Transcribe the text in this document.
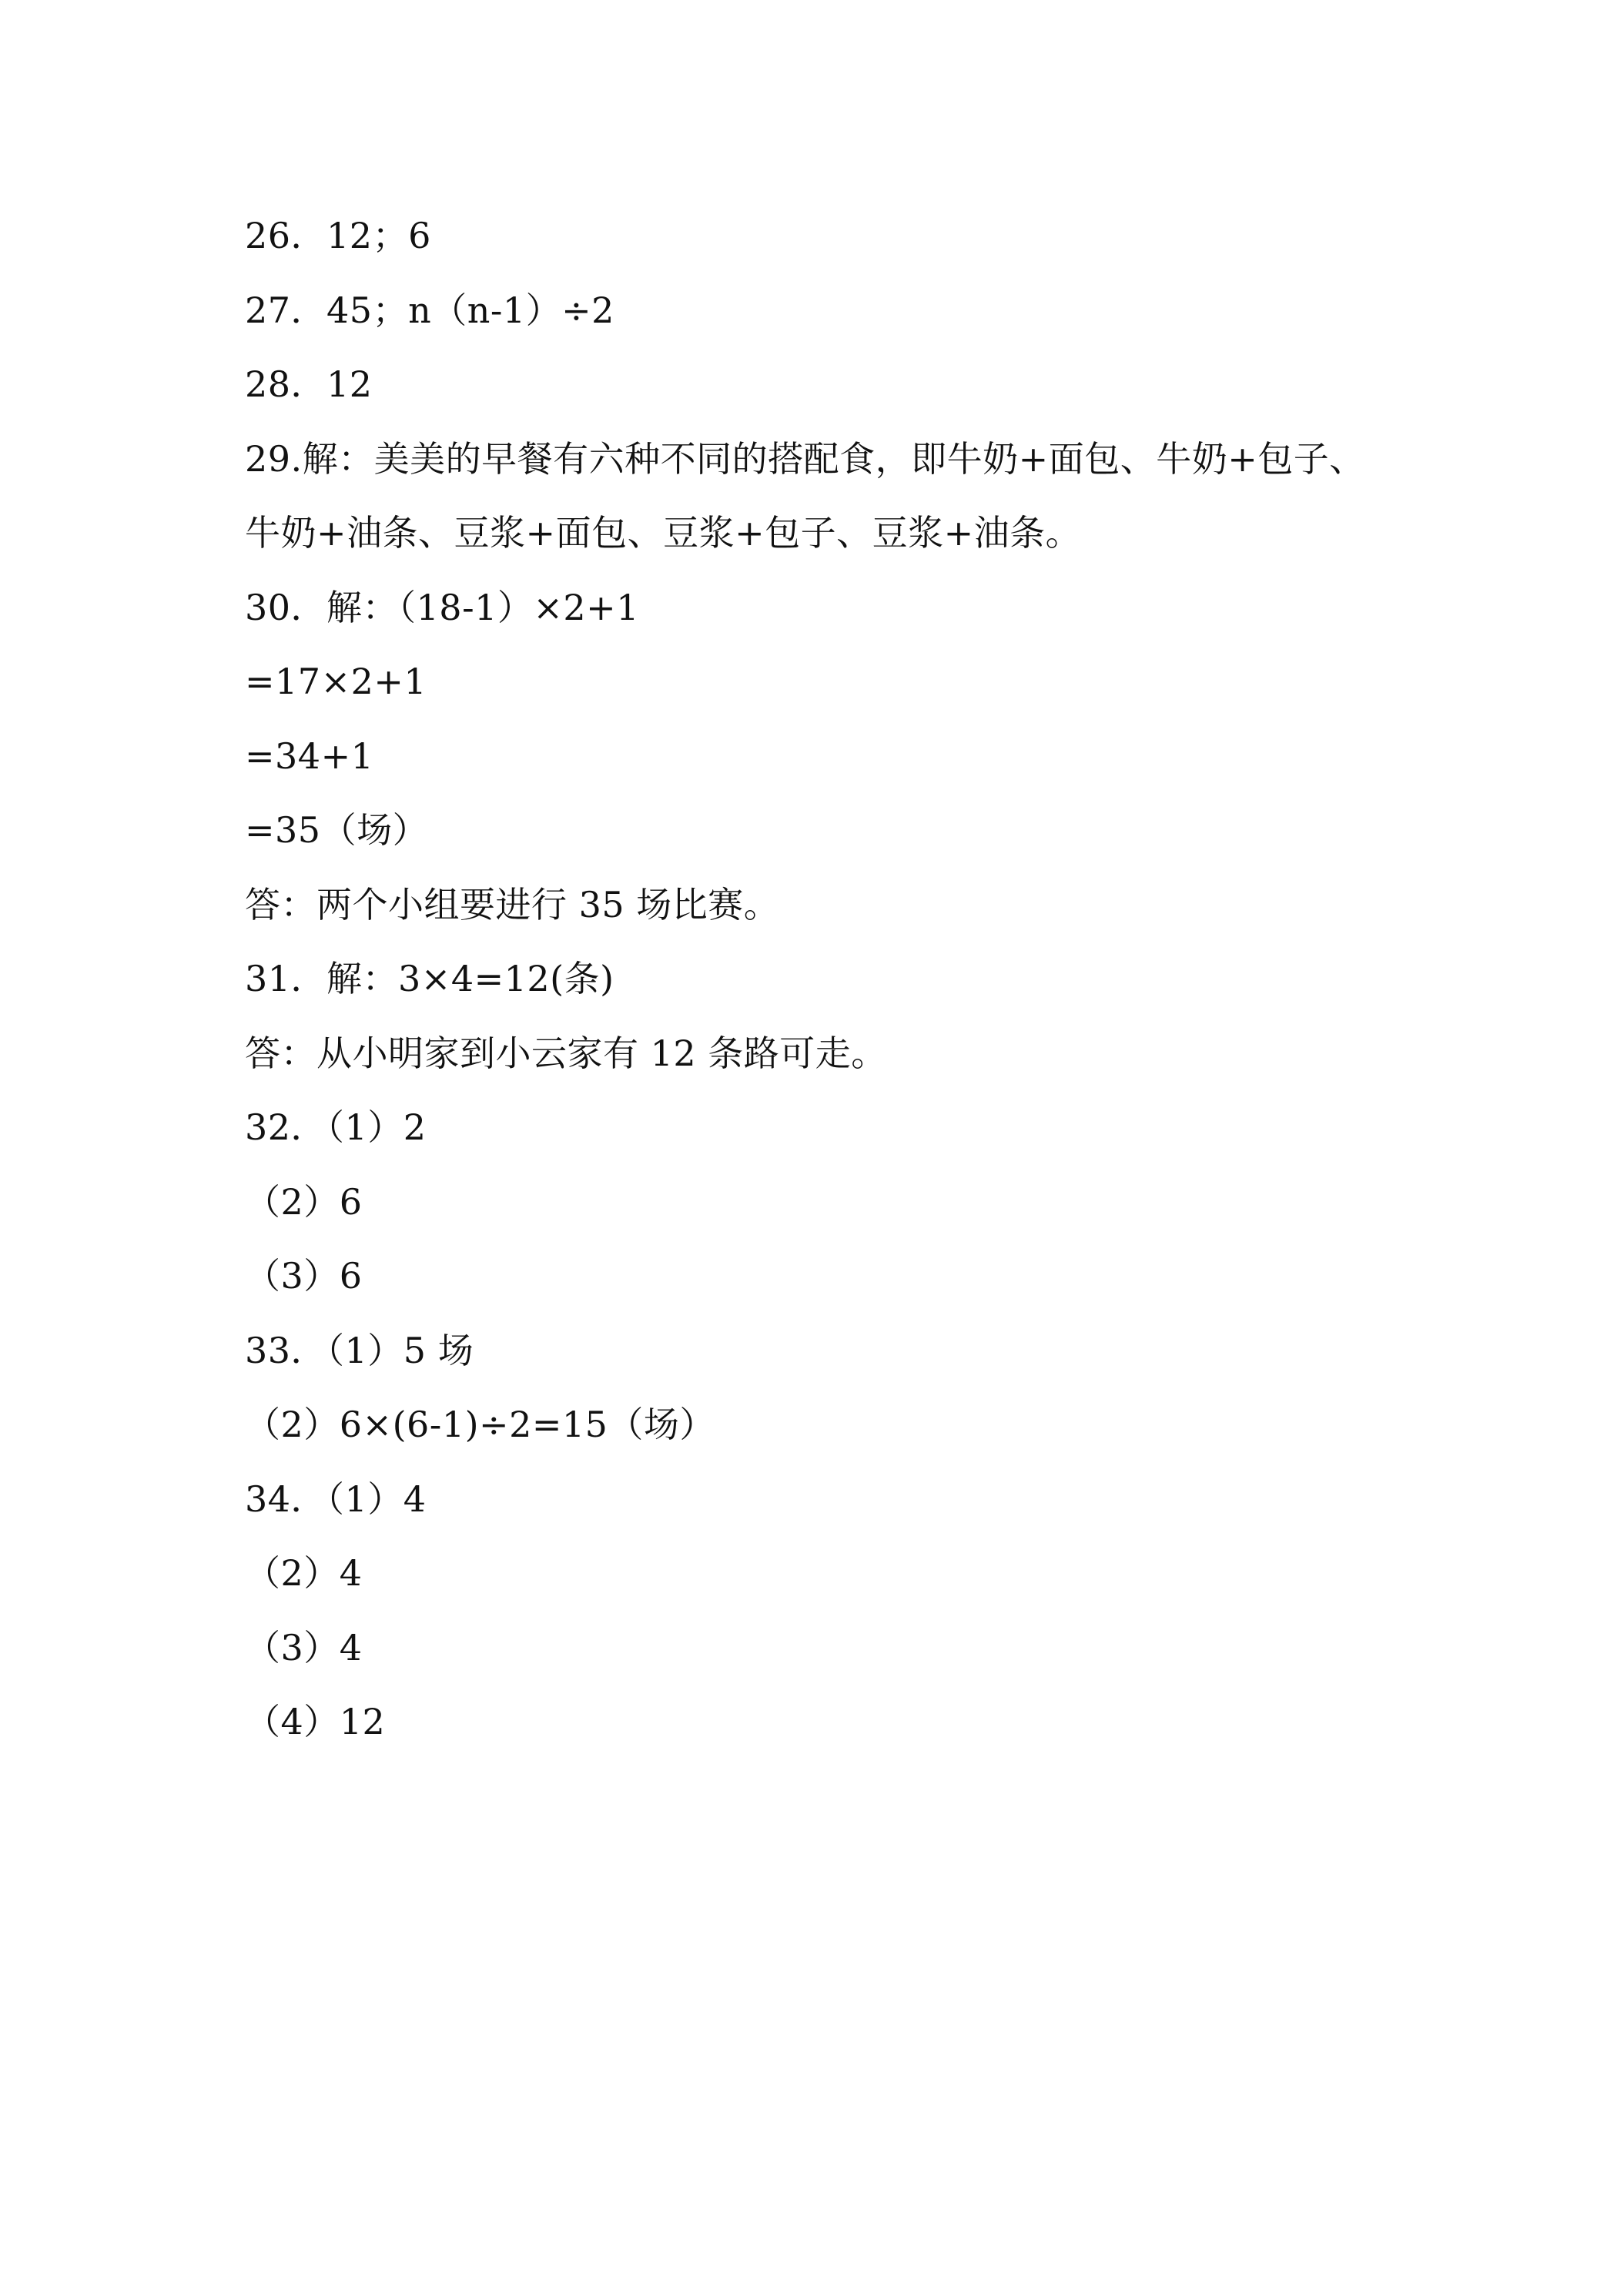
26．12；6
27．45；n（n-1）÷2
28．12
29.解：美美的早餐有六种不同的搭配食，即牛奶+面包、牛奶+包子、
牛奶+油条、豆浆+面包、豆浆+包子、豆浆+油条。
30．解：（18-1）×2+1
=17×2+1
=34+1
=35（场）
答：两个小组要进行 35 场比赛。
31．解：3×4=12(条)
答：从小明家到小云家有 12 条路可走。
32．（1）2
（2）6
（3）6
33．（1）5 场
（2）6×(6-1)÷2=15（场）
34．（1）4
（2）4
（3）4
（4）12
